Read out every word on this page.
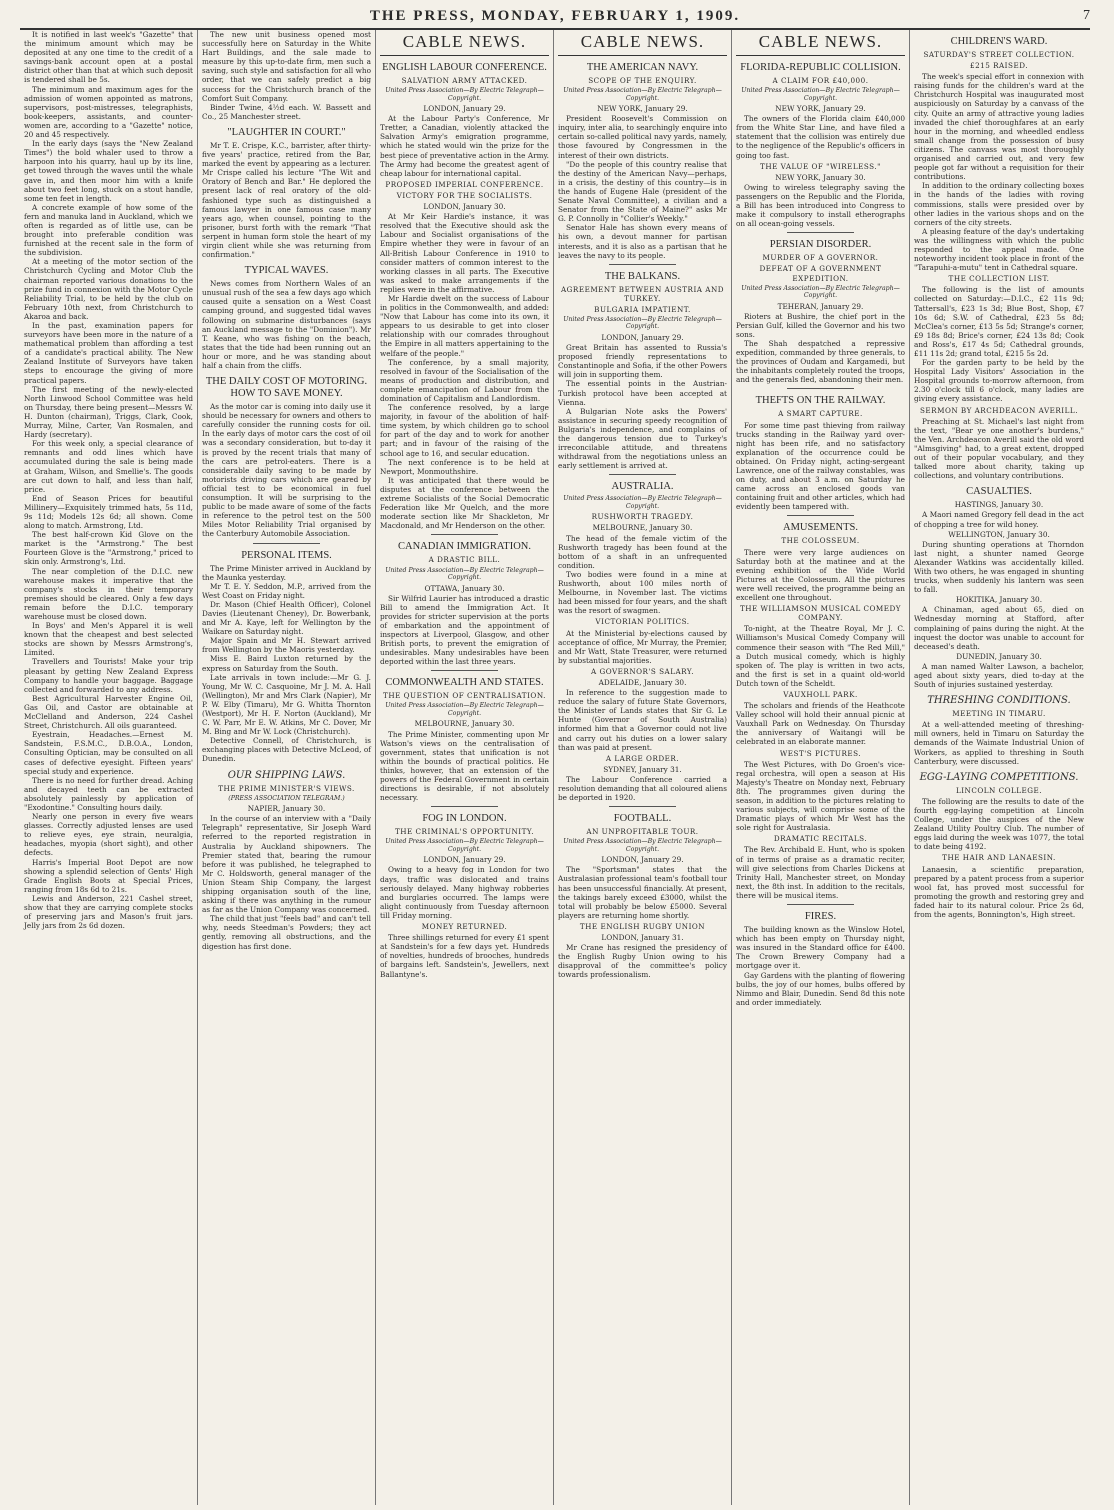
THE PRESS, MONDAY, FEBRUARY 1, 1909.	7

It is notified in last week's "Gazette" that the minimum amount which may be deposited at any one time to the credit of a savings-bank account open at a postal district other than that at which such deposit is tendered shall be 5s.

The minimum and maximum ages for the admission of women appointed as matrons, supervisors, post-mistresses, telegraphists, book-keepers, assistants, and counter-women are, according to a "Gazette" notice, 20 and 45 respectively.

In the early days (says the "New Zealand Times") the bold whaler used to throw a harpoon into his quarry, haul up by its line, get towed through the waves until the whale gave in, and then moor him with a knife about two feet long, stuck on a stout handle, some ten feet in length.

A concrete example of how some of the fern and manuka land in Auckland, which we often is regarded as of little use, can be brought into preferable condition was furnished at the recent sale in the form of the subdivision.

At a meeting of the motor section of the Christchurch Cycling and Motor Club the chairman reported various donations to the prize fund in connexion with the Motor Cycle Reliability Trial, to be held by the club on February 10th next, from Christchurch to Akaroa and back.

In the past, examination papers for surveyors have been more in the nature of a mathematical problem than affording a test of a candidate's practical ability. The New Zealand Institute of Surveyors have taken steps to encourage the giving of more practical papers.

The first meeting of the newly-elected North Linwood School Committee was held on Thursday, there being present—Messrs W. H. Dunton (chairman), Triggs, Clark, Cook, Murray, Milne, Carter, Van Rosmalen, and Hardy (secretary).

For this week only, a special clearance of remnants and odd lines which have accumulated during the sale is being made at Graham, Wilson, and Smellie's. The goods are cut down to half, and less than half, price.

End of Season Prices for beautiful Millinery—Exquisitely trimmed hats, 5s 11d, 9s 11d; Models 12s 6d; all shown. Come along to match. Armstrong, Ltd.

The best half-crown Kid Glove on the market is the "Armstrong." The best Fourteen Glove is the "Armstrong," priced to skin only. Armstrong's, Ltd.

The near completion of the D.I.C. new warehouse makes it imperative that the company's stocks in their temporary premises should be cleared. Only a few days remain before the D.I.C. temporary warehouse must be closed down.

In Boys' and Men's Apparel it is well known that the cheapest and best selected stocks are shown by Messrs Armstrong's, Limited.

Travellers and Tourists! Make your trip pleasant by getting New Zealand Express Company to handle your baggage. Baggage collected and forwarded to any address.

Best Agricultural Harvester Engine Oil, Gas Oil, and Castor are obtainable at McClelland and Anderson, 224 Cashel Street, Christchurch. All oils guaranteed.

Eyestrain, Headaches.—Ernest M. Sandstein, F.S.M.C., D.B.O.A., London, Consulting Optician, may be consulted on all cases of defective eyesight. Fifteen years' special study and experience.

There is no need for further dread. Aching and decayed teeth can be extracted absolutely painlessly by application of "Exodontine." Consulting hours daily.

Nearly one person in every five wears glasses. Correctly adjusted lenses are used to relieve eyes, eye strain, neuralgia, headaches, myopia (short sight), and other defects.

Harris's Imperial Boot Depot are now showing a splendid selection of Gents' High Grade English Boots at Special Prices, ranging from 18s 6d to 21s.

Lewis and Anderson, 221 Cashel street, show that they are carrying complete stocks of preserving jars and Mason's fruit jars. Jelly jars from 2s 6d dozen.

The new unit business opened most successfully here on Saturday in the White Hart Buildings, and the sale made to measure by this up-to-date firm, men such a saving, such style and satisfaction for all who order, that we can safely predict a big success for the Christchurch branch of the Comfort Suit Company.

Binder Twine, 4½d each. W. Bassett and Co., 25 Manchester street.

"LAUGHTER IN COURT."

Mr T. E. Crispe, K.C., barrister, after thirty-five years' practice, retired from the Bar, marked the event by appearing as a lecturer. Mr Crispe called his lecture "The Wit and Oratory of Bench and Bar." He deplored the present lack of real oratory of the old-fashioned type such as distinguished a famous lawyer in one famous case many years ago, when counsel, pointing to the prisoner, burst forth with the remark "That serpent in human form stole the heart of my virgin client while she was returning from confirmation."

TYPICAL WAVES.

News comes from Northern Wales of an unusual rush of the sea a few days ago which caused quite a sensation on a West Coast camping ground, and suggested tidal waves following on submarine disturbances (says an Auckland message to the "Dominion"). Mr T. Keane, who was fishing on the beach, states that the tide had been running out an hour or more, and he was standing about half a chain from the cliffs.

THE DAILY COST OF MOTORING. HOW TO SAVE MONEY.

As the motor car is coming into daily use it should be necessary for owners and others to carefully consider the running costs for oil. In the early days of motor cars the cost of oil was a secondary consideration, but to-day it is proved by the recent trials that many of the cars are petrol-eaters. There is a considerable daily saving to be made by motorists driving cars which are geared by official test to be economical in fuel consumption. It will be surprising to the public to be made aware of some of the facts in reference to the petrol test on the 500 Miles Motor Reliability Trial organised by the Canterbury Automobile Association.

PERSONAL ITEMS.

The Prime Minister arrived in Auckland by the Maunka yesterday.

Mr T. E. Y. Seddon, M.P., arrived from the West Coast on Friday night.

Dr. Mason (Chief Health Officer), Colonel Davies (Lieutenant Cheney), Dr. Bowerbank, and Mr A. Kaye, left for Wellington by the Waikare on Saturday night.

Major Spain and Mr H. Stewart arrived from Wellington by the Maoris yesterday.

Miss E. Baird Luxton returned by the express on Saturday from the South.

Late arrivals in town include:—Mr G. J. Young, Mr W. C. Casquoine, Mr J. M. A. Hall (Wellington), Mr and Mrs Clark (Napier), Mr P. W. Elby (Timaru), Mr G. Whitta Thornton (Westport), Mr H. F. Norton (Auckland), Mr C. W. Parr, Mr E. W. Atkins, Mr C. Dover, Mr M. Bing and Mr W. Lock (Christchurch).

Detective Connell, of Christchurch, is exchanging places with Detective McLeod, of Dunedin.

OUR SHIPPING LAWS.
THE PRIME MINISTER'S VIEWS.
(PRESS ASSOCIATION TELEGRAM.)
NAPIER, January 30.

In the course of an interview with a "Daily Telegraph" representative, Sir Joseph Ward referred to the reported registration in Australia by Auckland shipowners. The Premier stated that, bearing the rumour before it was published, he telegraphed to Mr C. Holdsworth, general manager of the Union Steam Ship Company, the largest shipping organisation south of the line, asking if there was anything in the rumour as far as the Union Company was concerned.

The child that just "feels bad" and can't tell why, needs Steedman's Powders; they act gently, removing all obstructions, and the digestion has first done.

CABLE NEWS.
ENGLISH LABOUR CONFERENCE.
SALVATION ARMY ATTACKED.
United Press Association—By Electric Telegraph—Copyright.
LONDON, January 29.

At the Labour Party's Conference, Mr Tretter, a Canadian, violently attacked the Salvation Army's emigration programme, which he stated would win the prize for the best piece of preventative action in the Army. The Army had become the greatest agent of cheap labour for international capital.

PROPOSED IMPERIAL CONFERENCE.
VICTORY FOR THE SOCIALISTS.
LONDON, January 30.

At Mr Keir Hardie's instance, it was resolved that the Executive should ask the Labour and Socialist organisations of the Empire whether they were in favour of an All-British Labour Conference in 1910 to consider matters of common interest to the working classes in all parts. The Executive was asked to make arrangements if the replies were in the affirmative.

Mr Hardie dwelt on the success of Labour in politics in the Commonwealth, and added: "Now that Labour has come into its own, it appears to us desirable to get into closer relationship with our comrades throughout the Empire in all matters appertaining to the welfare of the people."

The conference, by a small majority, resolved in favour of the Socialisation of the means of production and distribution, and complete emancipation of Labour from the domination of Capitalism and Landlordism.

The conference resolved, by a large majority, in favour of the abolition of half-time system, by which children go to school for part of the day and to work for another part; and in favour of the raising of the school age to 16, and secular education.

The next conference is to be held at Newport, Monmouthshire.

It was anticipated that there would be disputes at the conference between the extreme Socialists of the Social Democratic Federation like Mr Quelch, and the more moderate section like Mr Shackleton, Mr Macdonald, and Mr Henderson on the other.

CANADIAN IMMIGRATION.
A DRASTIC BILL.
United Press Association—By Electric Telegraph—Copyright.
OTTAWA, January 30.

Sir Wilfrid Laurier has introduced a drastic Bill to amend the Immigration Act. It provides for stricter supervision at the ports of embarkation and the appointment of inspectors at Liverpool, Glasgow, and other British ports, to prevent the emigration of undesirables. Many undesirables have been deported within the last three years.

COMMONWEALTH AND STATES.
THE QUESTION OF CENTRALISATION.
United Press Association—By Electric Telegraph—Copyright.
MELBOURNE, January 30.

The Prime Minister, commenting upon Mr Watson's views on the centralisation of government, states that unification is not within the bounds of practical politics. He thinks, however, that an extension of the powers of the Federal Government in certain directions is desirable, if not absolutely necessary.

FOG IN LONDON.
THE CRIMINAL'S OPPORTUNITY.
United Press Association—By Electric Telegraph—Copyright.
LONDON, January 29.

Owing to a heavy fog in London for two days, traffic was dislocated and trains seriously delayed. Many highway robberies and burglaries occurred. The lamps were alight continuously from Tuesday afternoon till Friday morning.

MONEY RETURNED.

Three shillings returned for every £1 spent at Sandstein's for a few days yet. Hundreds of novelties, hundreds of brooches, hundreds of bargains left. Sandstein's, Jewellers, next Ballantyne's.

CABLE NEWS.
THE AMERICAN NAVY.
SCOPE OF THE ENQUIRY.
United Press Association—By Electric Telegraph—Copyright.
NEW YORK, January 29.

President Roosevelt's Commission on inquiry, inter alia, to searchingly enquire into certain so-called political navy yards, namely, those favoured by Congressmen in the interest of their own districts.

"Do the people of this country realise that the destiny of the American Navy—perhaps, in a crisis, the destiny of this country—is in the hands of Eugene Hale (president of the Senate Naval Committee), a civilian and a Senator from the State of Maine?" asks Mr G. P. Connolly in "Collier's Weekly."

Senator Hale has shown every means of his own, a devout manner for partisan interests, and it is also as a partisan that he leaves the navy to its people.

THE BALKANS.
AGREEMENT BETWEEN AUSTRIA AND TURKEY.
BULGARIA IMPATIENT.
United Press Association—By Electric Telegraph—Copyright.
LONDON, January 29.

Great Britain has assented to Russia's proposed friendly representations to Constantinople and Sofia, if the other Powers will join in supporting them.

The essential points in the Austrian-Turkish protocol have been accepted at Vienna.

A Bulgarian Note asks the Powers' assistance in securing speedy recognition of Bulgaria's independence, and complains of the dangerous tension due to Turkey's irreconcilable attitude, and threatens withdrawal from the negotiations unless an early settlement is arrived at.

AUSTRALIA.
United Press Association—By Electric Telegraph—Copyright.
RUSHWORTH TRAGEDY.
MELBOURNE, January 30.

The head of the female victim of the Rushworth tragedy has been found at the bottom of a shaft in an unfrequented condition.

Two bodies were found in a mine at Rushworth, about 100 miles north of Melbourne, in November last. The victims had been missed for four years, and the shaft was the resort of swagmen.

VICTORIAN POLITICS.

At the Ministerial by-elections caused by acceptance of office, Mr Murray, the Premier, and Mr Watt, State Treasurer, were returned by substantial majorities.

A GOVERNOR'S SALARY.
ADELAIDE, January 30.

In reference to the suggestion made to reduce the salary of future State Governors, the Minister of Lands states that Sir G. Le Hunte (Governor of South Australia) informed him that a Governor could not live and carry out his duties on a lower salary than was paid at present.

A LARGE ORDER.
SYDNEY, January 31.

The Labour Conference carried a resolution demanding that all coloured aliens be deported in 1920.

FOOTBALL.
AN UNPROFITABLE TOUR.
United Press Association—By Electric Telegraph—Copyright.
LONDON, January 29.

The "Sportsman" states that the Australasian professional team's football tour has been unsuccessful financially. At present, the takings barely exceed £3000, whilst the total will probably be below £5000. Several players are returning home shortly.

THE ENGLISH RUGBY UNION
LONDON, January 31.

Mr Crane has resigned the presidency of the English Rugby Union owing to his disapproval of the committee's policy towards professionalism.

CABLE NEWS.
FLORIDA-REPUBLIC COLLISION.
A CLAIM FOR £40,000.
United Press Association—By Electric Telegraph—Copyright.
NEW YORK, January 29.

The owners of the Florida claim £40,000 from the White Star Line, and have filed a statement that the collision was entirely due to the negligence of the Republic's officers in going too fast.

THE VALUE OF "WIRELESS."
NEW YORK, January 30.

Owing to wireless telegraphy saving the passengers on the Republic and the Florida, a Bill has been introduced into Congress to make it compulsory to install etherographs on all ocean-going vessels.

PERSIAN DISORDER.
MURDER OF A GOVERNOR.
DEFEAT OF A GOVERNMENT EXPEDITION.
United Press Association—By Electric Telegraph—Copyright.
TEHERAN, January 29.

Rioters at Bushire, the chief port in the Persian Gulf, killed the Governor and his two sons.

The Shah despatched a repressive expedition, commanded by three generals, to the provinces of Oudam and Kargamedi, but the inhabitants completely routed the troops, and the generals fled, abandoning their men.

THEFTS ON THE RAILWAY.
A SMART CAPTURE.

For some time past thieving from railway trucks standing in the Railway yard over-night has been rife, and no satisfactory explanation of the occurrence could be obtained. On Friday night, acting-sergeant Lawrence, one of the railway constables, was on duty, and about 3 a.m. on Saturday he came across an enclosed goods van containing fruit and other articles, which had evidently been tampered with.

AMUSEMENTS.
THE COLOSSEUM.

There were very large audiences on Saturday both at the matinee and at the evening exhibition of the Wide World Pictures at the Colosseum. All the pictures were well received, the programme being an excellent one throughout.

THE WILLIAMSON MUSICAL COMEDY COMPANY.

To-night, at the Theatre Royal, Mr J. C. Williamson's Musical Comedy Company will commence their season with "The Red Mill," a Dutch musical comedy, which is highly spoken of. The play is written in two acts, and the first is set in a quaint old-world Dutch town of the Scheldt.

VAUXHOLL PARK.

The scholars and friends of the Heathcote Valley school will hold their annual picnic at Vauxhall Park on Wednesday. On Thursday the anniversary of Waitangi will be celebrated in an elaborate manner.

WEST'S PICTURES.

The West Pictures, with Do Groen's vice-regal orchestra, will open a season at His Majesty's Theatre on Monday next, February 8th. The programmes given during the season, in addition to the pictures relating to various subjects, will comprise some of the Dramatic plays of which Mr West has the sole right for Australasia.

DRAMATIC RECITALS.

The Rev. Archibald E. Hunt, who is spoken of in terms of praise as a dramatic reciter, will give selections from Charles Dickens at Trinity Hall, Manchester street, on Monday next, the 8th inst. In addition to the recitals, there will be musical items.

FIRES.

The building known as the Winslow Hotel, which has been empty on Thursday night, was insured in the Standard office for £400. The Crown Brewery Company had a mortgage over it.

Gay Gardens with the planting of flowering bulbs, the joy of our homes, bulbs offered by Nimmo and Blair, Dunedin. Send 8d this note and order immediately.

CHILDREN'S WARD.
SATURDAY'S STREET COLLECTION.
£215 RAISED.

The week's special effort in connexion with raising funds for the children's ward at the Christchurch Hospital was inaugurated most auspiciously on Saturday by a canvass of the city. Quite an army of attractive young ladies invaded the chief thoroughfares at an early hour in the morning, and wheedled endless small change from the possession of busy citizens. The canvass was most thoroughly organised and carried out, and very few people got far without a requisition for their contributions.

In addition to the ordinary collecting boxes in the hands of the ladies with roving commissions, stalls were presided over by other ladies in the various shops and on the corners of the city streets.

A pleasing feature of the day's undertaking was the willingness with which the public responded to the appeal made. One noteworthy incident took place in front of the "Tarapuhi-a-mutu" tent in Cathedral square.

THE COLLECTION LIST.

The following is the list of amounts collected on Saturday:—D.I.C., £2 11s 9d; Tattersall's, £23 1s 3d; Blue Bost, Shop, £7 10s 6d; S.W. of Cathedral, £23 5s 8d; McClea's corner, £13 5s 5d; Strange's corner, £9 18s 8d; Brice's corner, £24 13s 8d; Cook and Ross's, £17 4s 5d; Cathedral grounds, £11 11s 2d; grand total, £215 5s 2d.

For the garden party to be held by the Hospital Lady Visitors' Association in the Hospital grounds to-morrow afternoon, from 2.30 o'clock till 6 o'clock, many ladies are giving every assistance.

SERMON BY ARCHDEACON AVERILL.

Preaching at St. Michael's last night from the text, "Bear ye one another's burdens," the Ven. Archdeacon Averill said the old word "Almsgiving" had, to a great extent, dropped out of their popular vocabulary, and they talked more about charity, taking up collections, and voluntary contributions.

CASUALTIES.
HASTINGS, January 30.

A Maori named Gregory fell dead in the act of chopping a tree for wild honey.

WELLINGTON, January 30.

During shunting operations at Thorndon last night, a shunter named George Alexander Watkins was accidentally killed. With two others, he was engaged in shunting trucks, when suddenly his lantern was seen to fall.

HOKITIKA, January 30.

A Chinaman, aged about 65, died on Wednesday morning at Stafford, after complaining of pains during the night. At the inquest the doctor was unable to account for deceased's death.

DUNEDIN, January 30.

A man named Walter Lawson, a bachelor, aged about sixty years, died to-day at the South of injuries sustained yesterday.

THRESHING CONDITIONS.
MEETING IN TIMARU.

At a well-attended meeting of threshing-mill owners, held in Timaru on Saturday the demands of the Waimate Industrial Union of Workers, as applied to threshing in South Canterbury, were discussed.

EGG-LAYING COMPETITIONS.
LINCOLN COLLEGE.

The following are the results to date of the fourth egg-laying competition at Lincoln College, under the auspices of the New Zealand Utility Poultry Club. The number of eggs laid during the week was 1077, the total to date being 4192.

THE HAIR AND LANAESIN.

Lanaesin, a scientific preparation, prepared by a patent process from a superior wool fat, has proved most successful for promoting the growth and restoring grey and faded hair to its natural colour. Price 2s 6d, from the agents, Bonnington's, High street.
